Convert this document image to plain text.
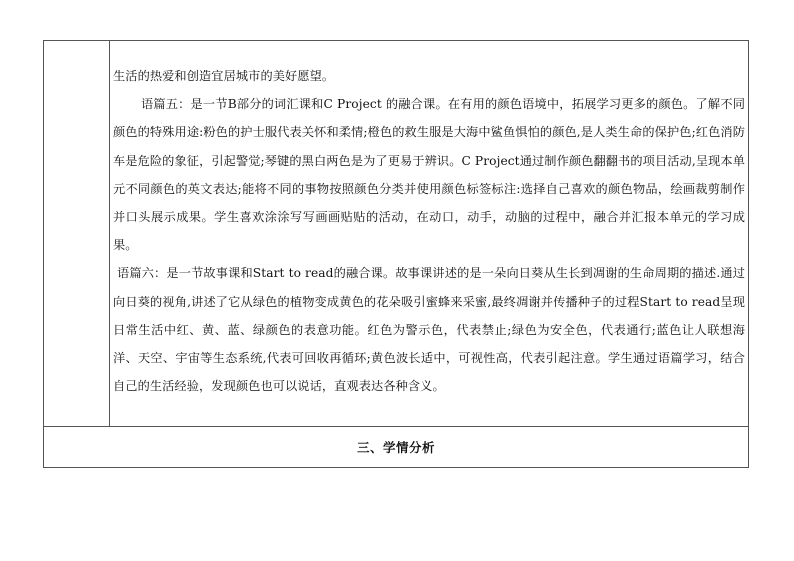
生活的热爱和创造宜居城市的美好愿望。

语篇五：是一节B部分的词汇课和C Project 的融合课。在有用的颜色语境中，拓展学习更多的颜色。了解不同颜色的特殊用途:粉色的护士服代表关怀和柔情;橙色的救生服是大海中鲨鱼惧怕的颜色,是人类生命的保护色;红色消防车是危险的象征，引起警觉;琴键的黑白两色是为了更易于辨识。C Project通过制作颜色翻翻书的项目活动,呈现本单元不同颜色的英文表达;能将不同的事物按照颜色分类并使用颜色标签标注:选择自己喜欢的颜色物品，绘画裁剪制作并口头展示成果。学生喜欢涂涂写写画画贴贴的活动，在动口，动手，动脑的过程中，融合并汇报本单元的学习成果。

语篇六：是一节故事课和Start to read的融合课。故事课讲述的是一朵向日葵从生长到凋谢的生命周期的描述.通过向日葵的视角,讲述了它从绿色的植物变成黄色的花朵吸引蜜蜂来采蜜,最终凋谢并传播种子的过程Start to read呈现日常生活中红、黄、蓝、绿颜色的表意功能。红色为警示色，代表禁止;绿色为安全色，代表通行;蓝色让人联想海洋、天空、宇宙等生态系统,代表可回收再循环;黄色波长适中，可视性高，代表引起注意。学生通过语篇学习，结合自己的生活经验，发现颜色也可以说话，直观表达各种含义。

三、学情分析
